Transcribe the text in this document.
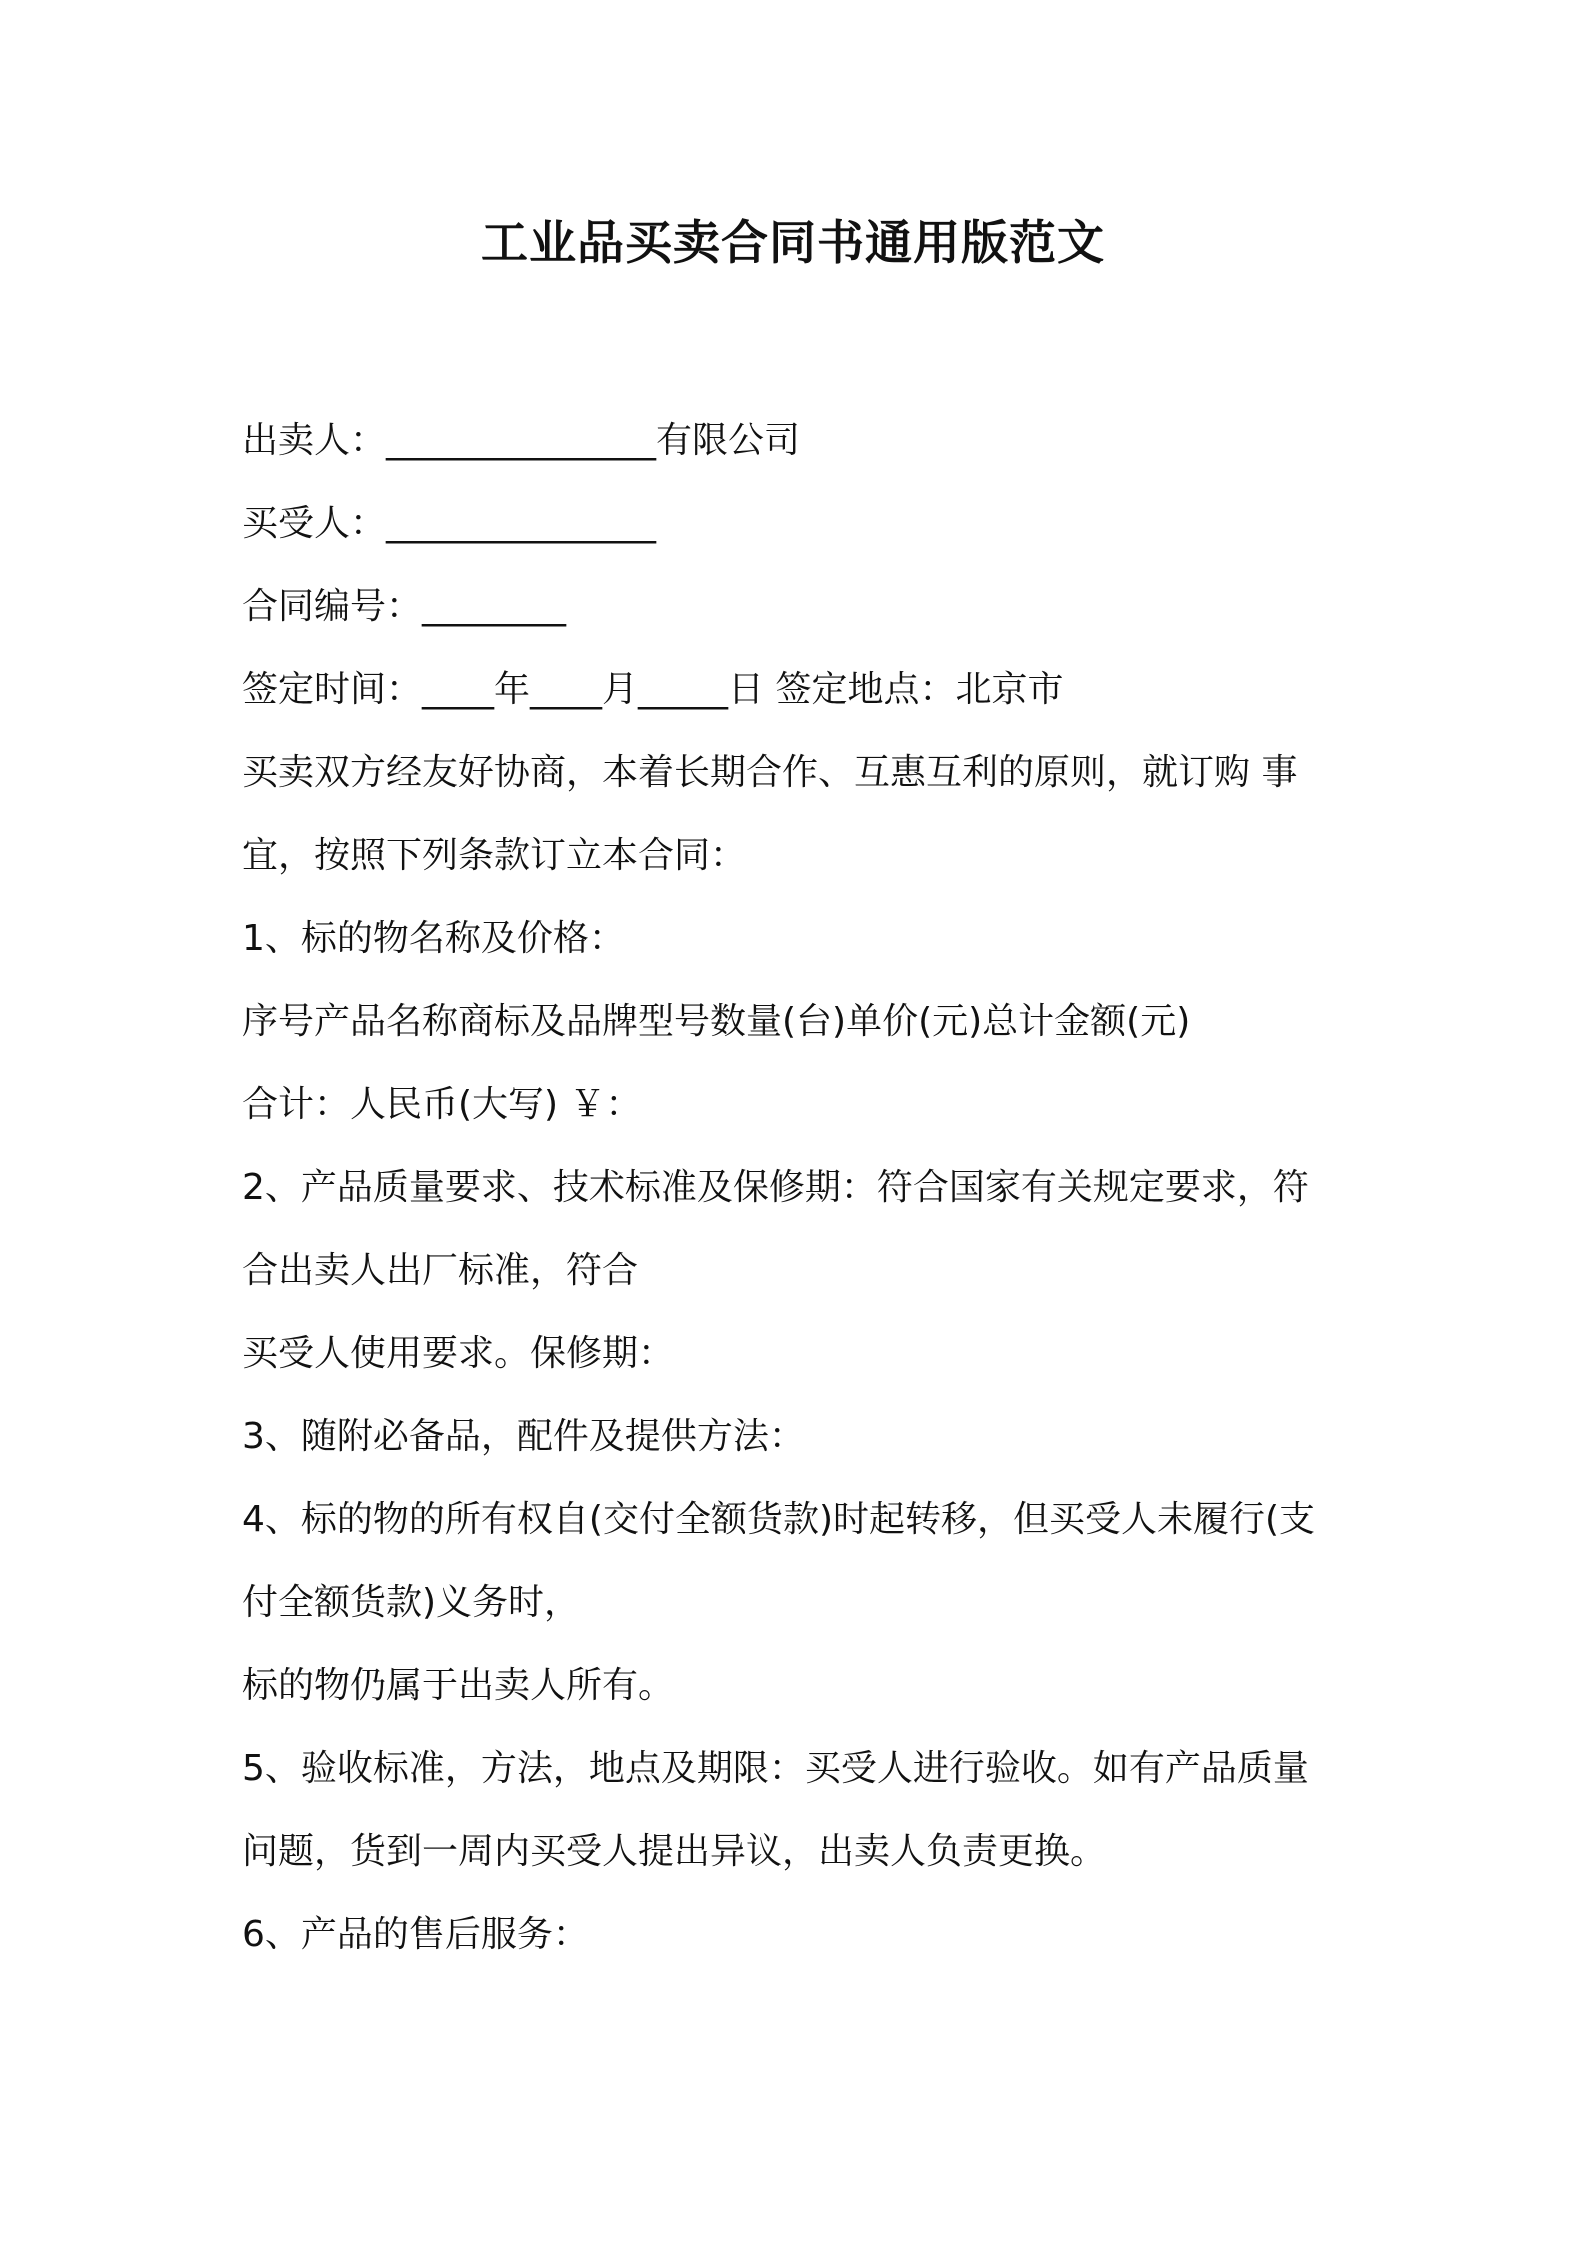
工业品买卖合同书通用版范文
出卖人：_______________有限公司
买受人：_______________
合同编号：________
签定时间：____年____月_____日 签定地点：北京市
买卖双方经友好协商，本着长期合作、互惠互利的原则，就订购 事
宜，按照下列条款订立本合同：
1、标的物名称及价格：
序号产品名称商标及品牌型号数量(台)单价(元)总计金额(元)
合计：人民币(大写) ￥：
2、产品质量要求、技术标准及保修期：符合国家有关规定要求，符
合出卖人出厂标准，符合
买受人使用要求。保修期：
3、随附必备品，配件及提供方法：
4、标的物的所有权自(交付全额货款)时起转移，但买受人未履行(支
付全额货款)义务时，
标的物仍属于出卖人所有。
5、验收标准，方法，地点及期限：买受人进行验收。如有产品质量
问题，货到一周内买受人提出异议，出卖人负责更换。
6、产品的售后服务：
